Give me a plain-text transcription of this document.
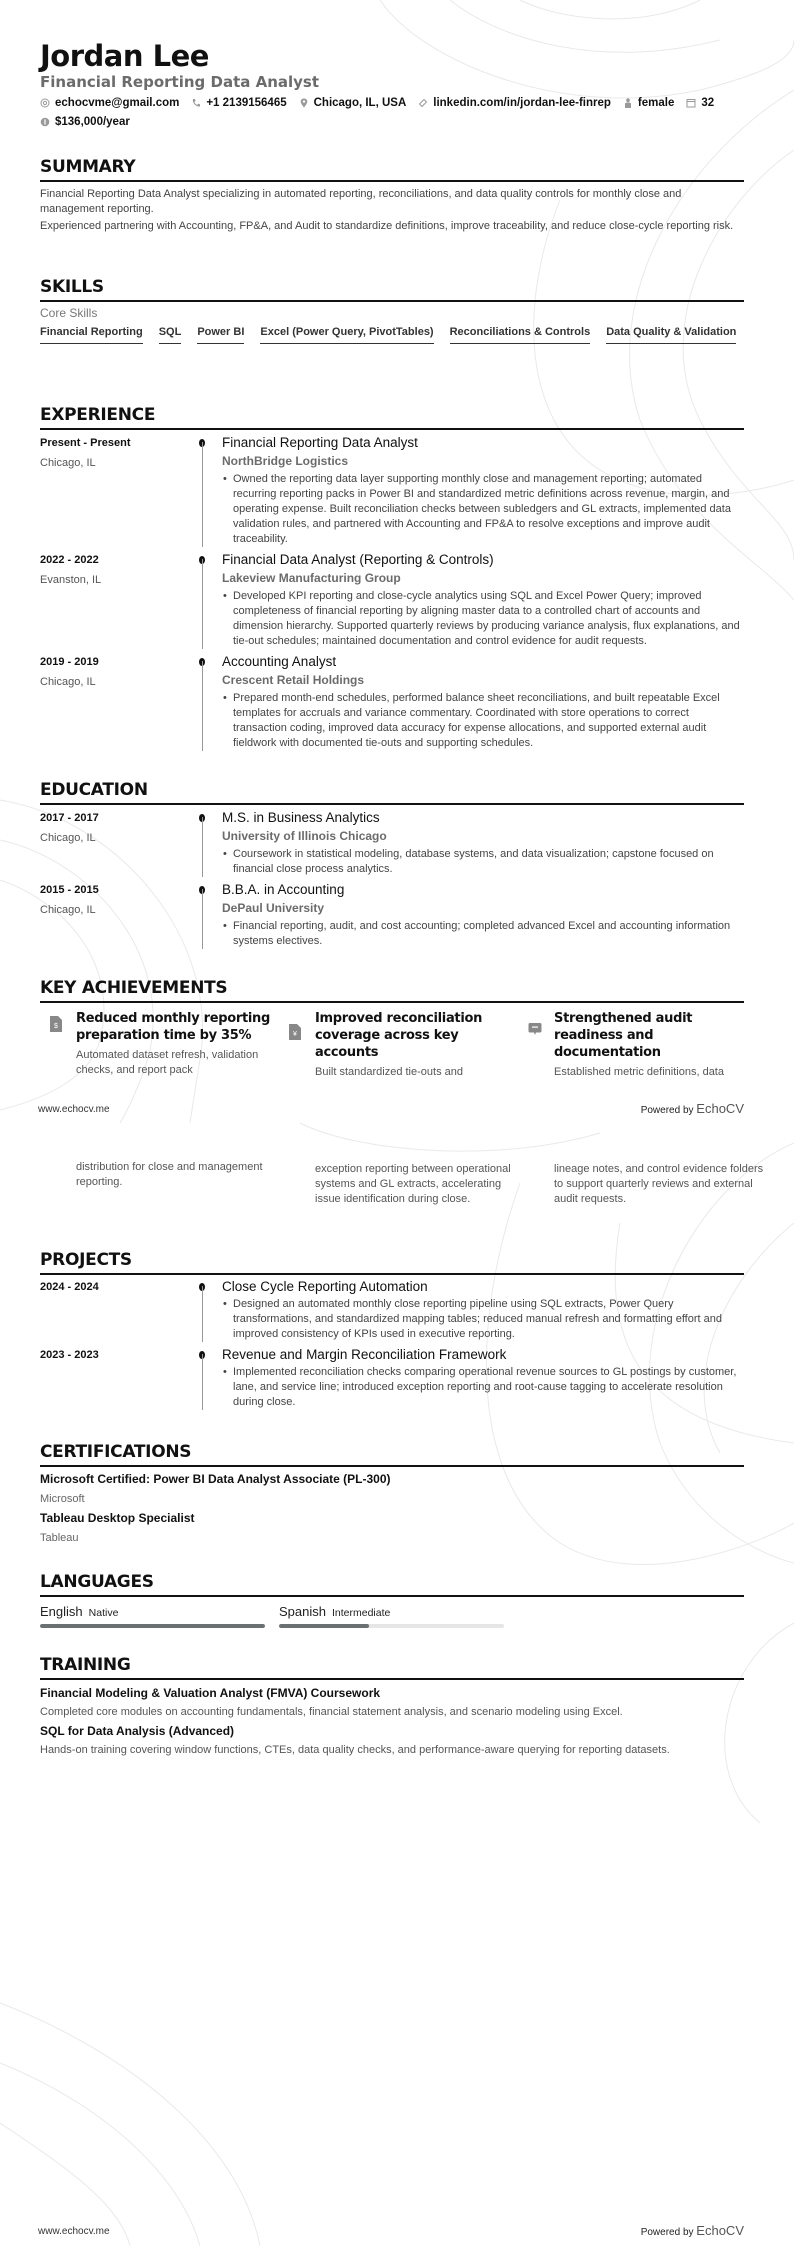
Jordan Lee
Financial Reporting Data Analyst
echocvme@gmail.com +1 2139156465 Chicago, IL, USA linkedin.com/in/jordan-lee-finrep female 32
$136,000/year
SUMMARY

Financial Reporting Data Analyst specializing in automated reporting, reconciliations, and data quality controls for monthly close and management reporting.

Experienced partnering with Accounting, FP&A, and Audit to standardize definitions, improve traceability, and reduce close-cycle reporting risk.

SKILLS
Core Skills
Financial Reporting SQL Power BI Excel (Power Query, PivotTables) Reconciliations & Controls Data Quality & Validation
EXPERIENCE
Present - Present
Chicago, IL
Financial Reporting Data Analyst
NorthBridge Logistics
• Owned the reporting data layer supporting monthly close and management reporting; automated recurring reporting packs in Power BI and standardized metric definitions across revenue, margin, and operating expense. Built reconciliation checks between subledgers and GL extracts, implemented data validation rules, and partnered with Accounting and FP&A to resolve exceptions and improve audit traceability.
2022 - 2022
Evanston, IL
Financial Data Analyst (Reporting & Controls)
Lakeview Manufacturing Group
• Developed KPI reporting and close-cycle analytics using SQL and Excel Power Query; improved completeness of financial reporting by aligning master data to a controlled chart of accounts and dimension hierarchy. Supported quarterly reviews by producing variance analysis, flux explanations, and tie-out schedules; maintained documentation and control evidence for audit requests.
2019 - 2019
Chicago, IL
Accounting Analyst
Crescent Retail Holdings
• Prepared month-end schedules, performed balance sheet reconciliations, and built repeatable Excel templates for accruals and variance commentary. Coordinated with store operations to correct transaction coding, improved data accuracy for expense allocations, and supported external audit fieldwork with documented tie-outs and supporting schedules.
EDUCATION
2017 - 2017
Chicago, IL
M.S. in Business Analytics
University of Illinois Chicago
• Coursework in statistical modeling, database systems, and data visualization; capstone focused on financial close process analytics.
2015 - 2015
Chicago, IL
B.B.A. in Accounting
DePaul University
• Financial reporting, audit, and cost accounting; completed advanced Excel and accounting information systems electives.
KEY ACHIEVEMENTS
$
Reduced monthly reporting preparation time by 35%
Automated dataset refresh, validation checks, and report pack
¥
Improved reconciliation coverage across key accounts
Built standardized tie-outs and
Strengthened audit readiness and documentation
Established metric definitions, data
www.echocv.me	Powered by EchoCV
distribution for close and management reporting.
exception reporting between operational systems and GL extracts, accelerating issue identification during close.
lineage notes, and control evidence folders to support quarterly reviews and external audit requests.
PROJECTS
2024 - 2024	Close Cycle Reporting Automation
• Designed an automated monthly close reporting pipeline using SQL extracts, Power Query transformations, and standardized mapping tables; reduced manual refresh and formatting effort and improved consistency of KPIs used in executive reporting.
2023 - 2023	Revenue and Margin Reconciliation Framework
• Implemented reconciliation checks comparing operational revenue sources to GL postings by customer, lane, and service line; introduced exception reporting and root-cause tagging to accelerate resolution during close.
CERTIFICATIONS
Microsoft Certified: Power BI Data Analyst Associate (PL-300)
Microsoft
Tableau Desktop Specialist
Tableau
LANGUAGES
English Native	Spanish Intermediate
TRAINING
Financial Modeling & Valuation Analyst (FMVA) Coursework
Completed core modules on accounting fundamentals, financial statement analysis, and scenario modeling using Excel.
SQL for Data Analysis (Advanced)
Hands-on training covering window functions, CTEs, data quality checks, and performance-aware querying for reporting datasets.
www.echocv.me	Powered by EchoCV
